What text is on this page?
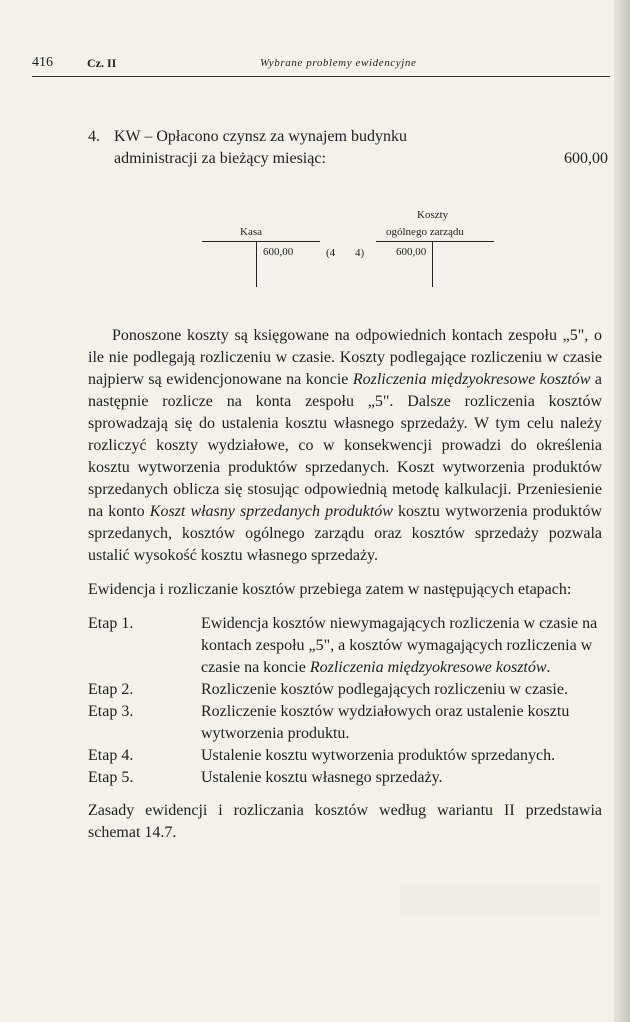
416	Cz. II	Wybrane problemy ewidencyjne
4. KW – Opłacono czynsz za wynajem budynku
administracji za bieżący miesiąc:	600,00
Kasa
Koszty
ogólnego zarządu
600,00	(4 4)	600,00

Ponoszone koszty są księgowane na odpowiednich kontach zespołu „5", o ile nie podlegają rozliczeniu w czasie. Koszty podlegające rozliczeniu w czasie najpierw są ewidencjonowane na koncie Rozliczenia międzyokresowe kosztów a następnie rozlicze na konta zespołu „5". Dalsze rozliczenia kosztów sprowadzają się do ustalenia kosztu własnego sprzedaży. W tym celu należy rozliczyć koszty wydziałowe, co w konsekwencji prowadzi do określenia kosztu wytworzenia produktów sprzedanych. Koszt wytworzenia produktów sprzedanych oblicza się stosując odpowiednią metodę kalkulacji. Przeniesienie na konto Koszt własny sprzedanych produktów kosztu wytworzenia produktów sprzedanych, kosztów ogólnego zarządu oraz kosztów sprzedaży pozwala ustalić wysokość kosztu własnego sprzedaży.

Ewidencja i rozliczanie kosztów przebiega zatem w następujących etapach:

Etap 1.	Ewidencja kosztów niewymagających rozliczenia w czasie na kontach zespołu „5", a kosztów wymagających rozliczenia w czasie na koncie Rozliczenia międzyokresowe kosztów.
Etap 2.	Rozliczenie kosztów podlegających rozliczeniu w czasie.
Etap 3.	Rozliczenie kosztów wydziałowych oraz ustalenie kosztu wytworzenia produktu.
Etap 4.	Ustalenie kosztu wytworzenia produktów sprzedanych.
Etap 5.	Ustalenie kosztu własnego sprzedaży.

Zasady ewidencji i rozliczania kosztów według wariantu II przedstawia schemat 14.7.
